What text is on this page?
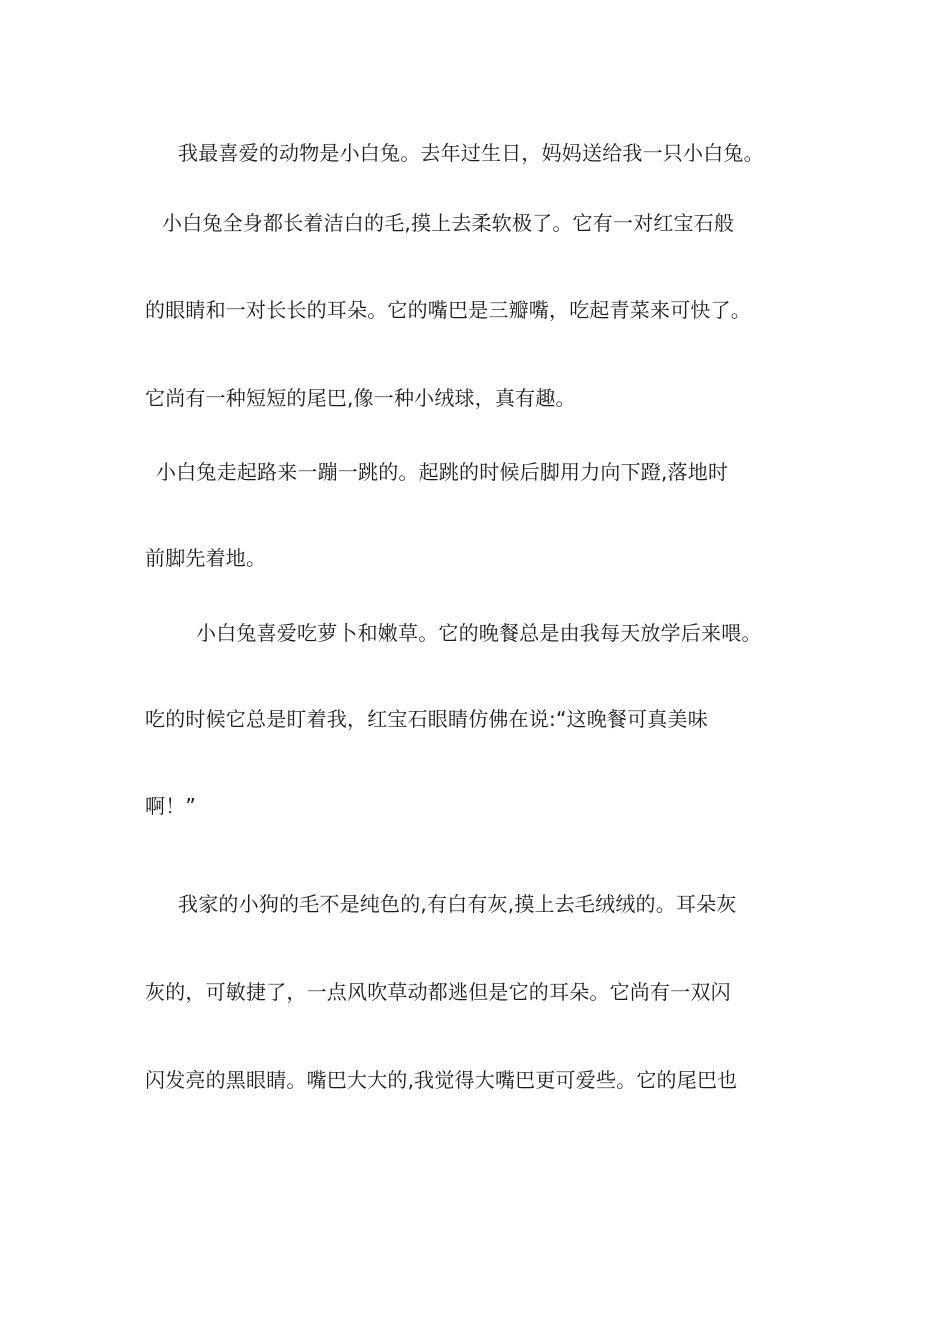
我最喜爱的动物是小白兔。去年过生日，妈妈送给我一只小白兔。
小白兔全身都长着洁白的毛,摸上去柔软极了。它有一对红宝石般
的眼睛和一对长长的耳朵。它的嘴巴是三瓣嘴，吃起青菜来可快了。
它尚有一种短短的尾巴,像一种小绒球，真有趣。
小白兔走起路来一蹦一跳的。起跳的时候后脚用力向下蹬,落地时
前脚先着地。
小白兔喜爱吃萝卜和嫩草。它的晚餐总是由我每天放学后来喂。
吃的时候它总是盯着我，红宝石眼睛仿佛在说:“这晚餐可真美味
啊！”
我家的小狗的毛不是纯色的,有白有灰,摸上去毛绒绒的。耳朵灰
灰的，可敏捷了，一点风吹草动都逃但是它的耳朵。它尚有一双闪
闪发亮的黑眼睛。嘴巴大大的,我觉得大嘴巴更可爱些。它的尾巴也
